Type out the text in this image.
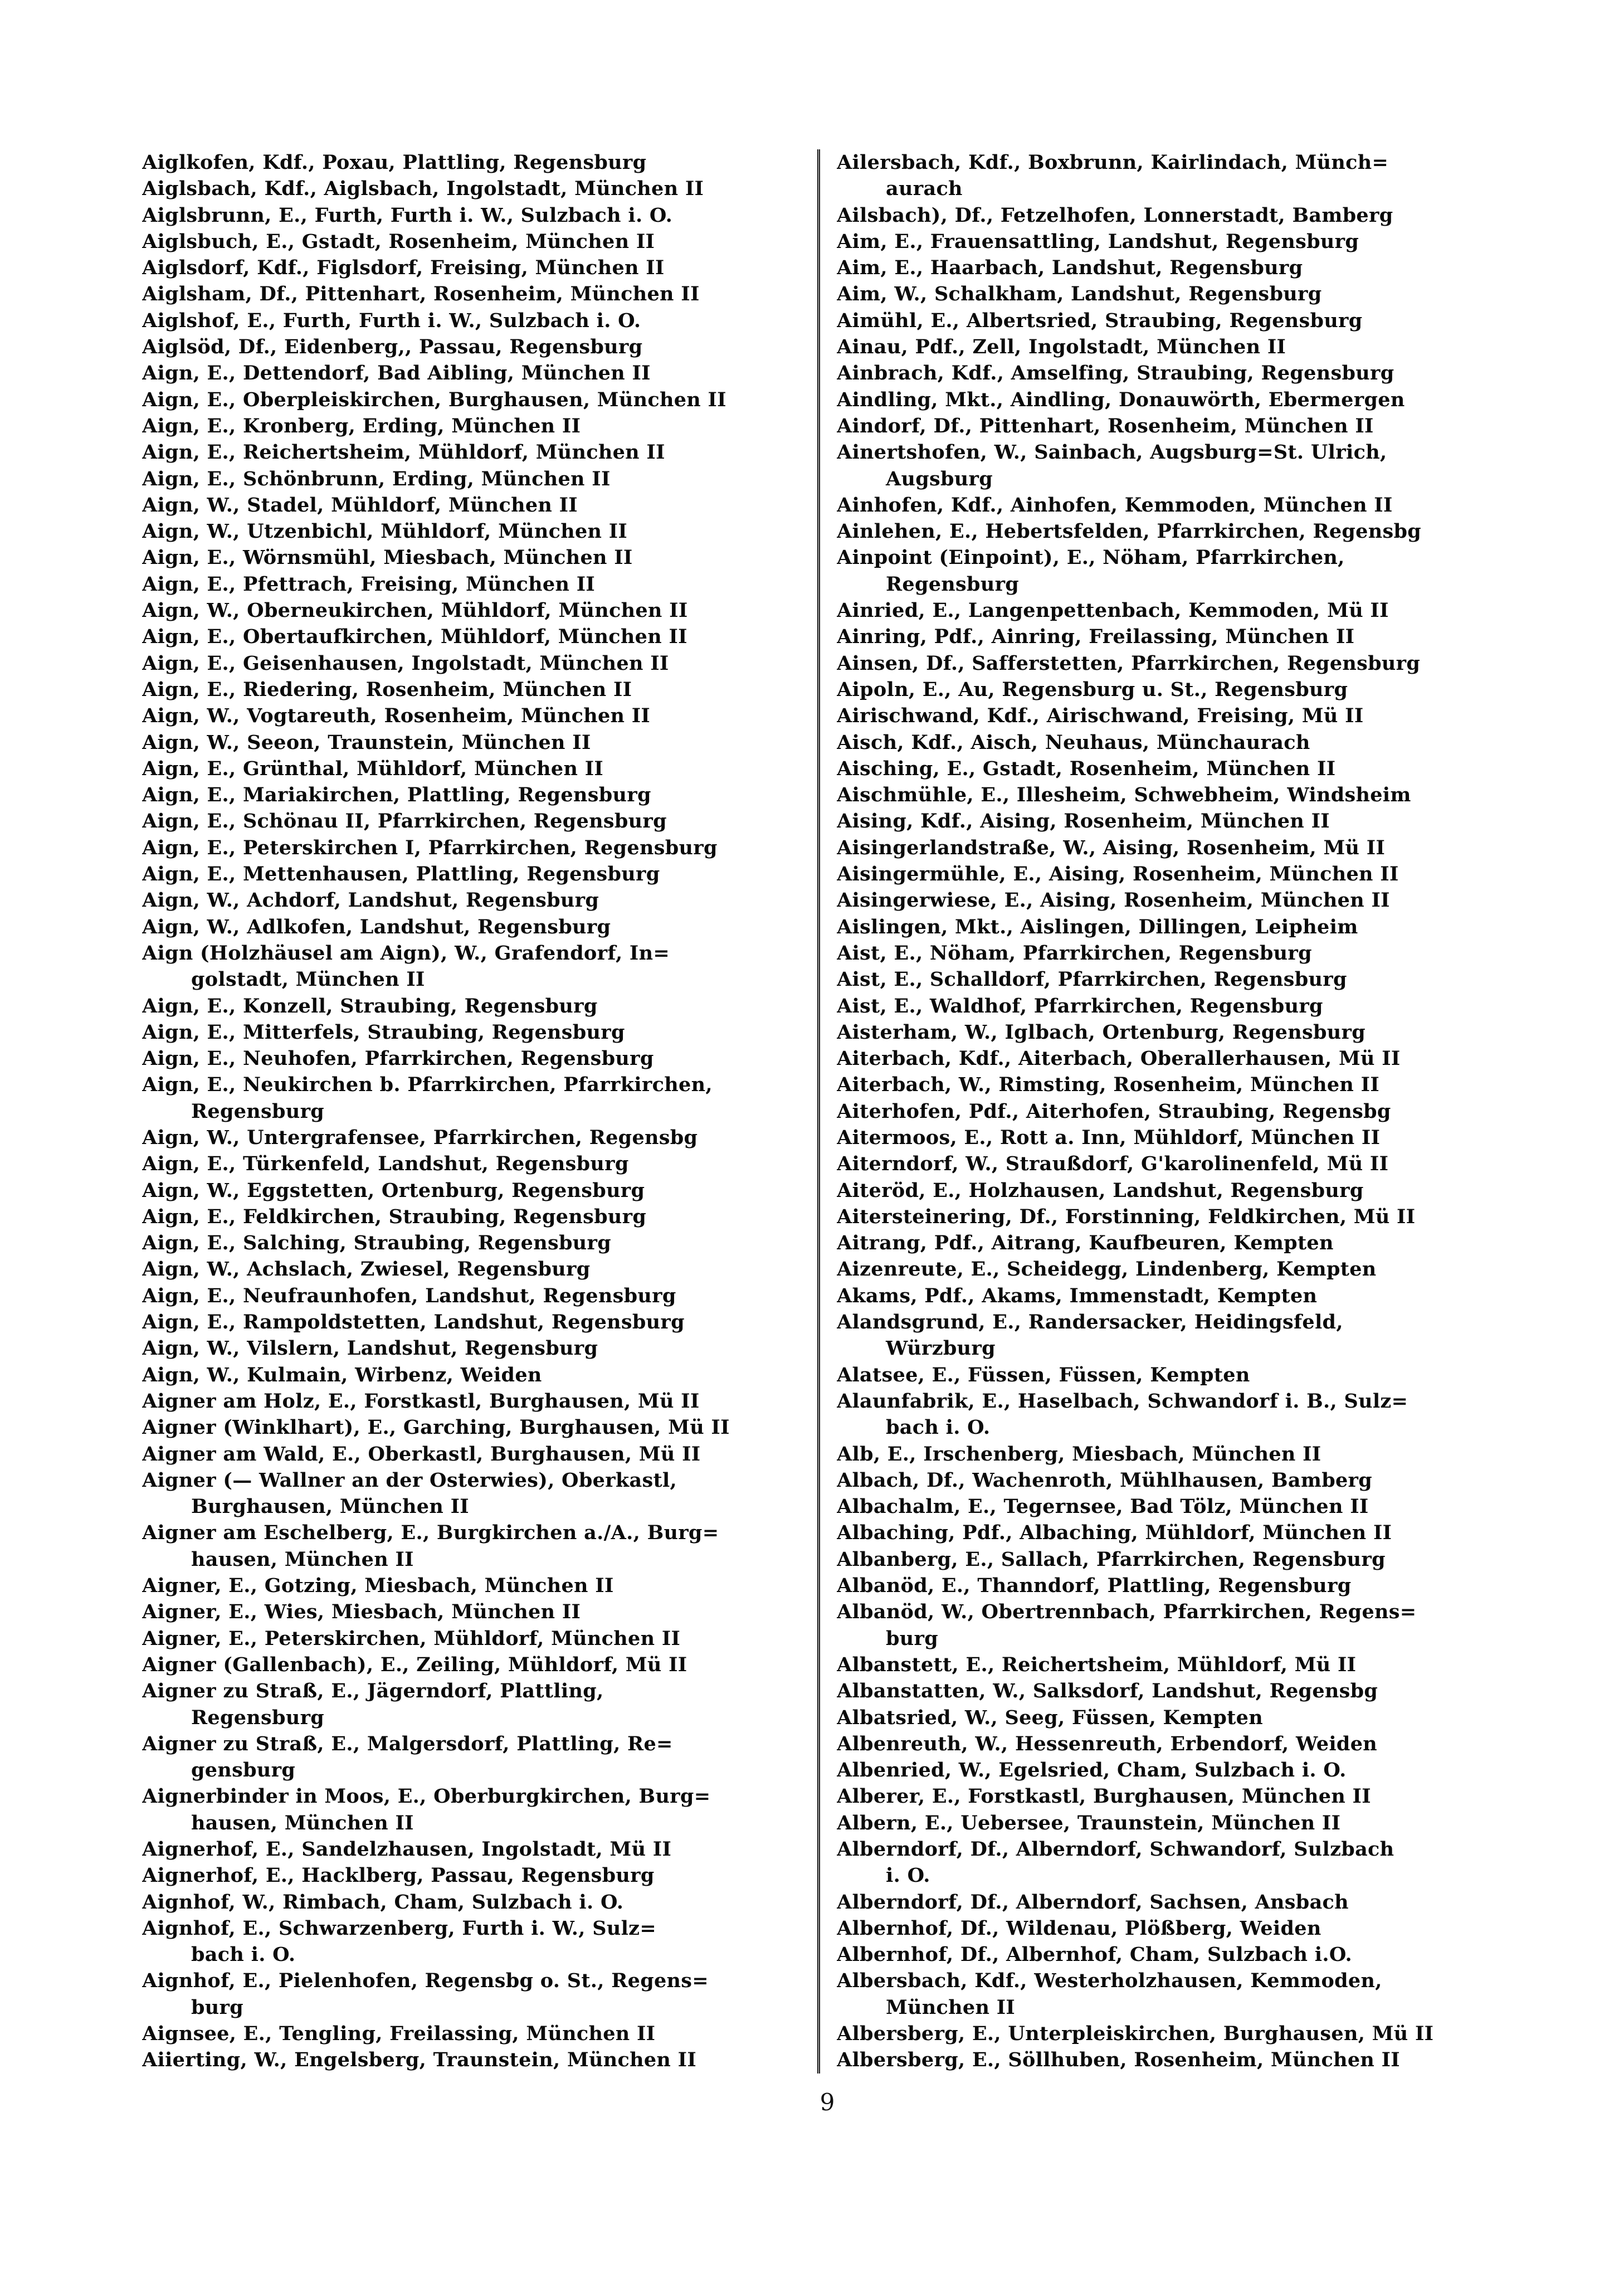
Aiglkofen, Kdf., Poxau, Plattling, Regensburg
Aiglsbach, Kdf., Aiglsbach, Ingolstadt, München II
Aiglsbrunn, E., Furth, Furth i. W., Sulzbach i. O.
Aiglsbuch, E., Gstadt, Rosenheim, München II
Aiglsdorf, Kdf., Figlsdorf, Freising, München II
Aiglsham, Df., Pittenhart, Rosenheim, München II
Aiglshof, E., Furth, Furth i. W., Sulzbach i. O.
Aiglsöd, Df., Eidenberg,, Passau, Regensburg
Aign, E., Dettendorf, Bad Aibling, München II
Aign, E., Oberpleiskirchen, Burghausen, München II
Aign, E., Kronberg, Erding, München II
Aign, E., Reichertsheim, Mühldorf, München II
Aign, E., Schönbrunn, Erding, München II
Aign, W., Stadel, Mühldorf, München II
Aign, W., Utzenbichl, Mühldorf, München II
Aign, E., Wörnsmühl, Miesbach, München II
Aign, E., Pfettrach, Freising, München II
Aign, W., Oberneukirchen, Mühldorf, München II
Aign, E., Obertaufkirchen, Mühldorf, München II
Aign, E., Geisenhausen, Ingolstadt, München II
Aign, E., Riedering, Rosenheim, München II
Aign, W., Vogtareuth, Rosenheim, München II
Aign, W., Seeon, Traunstein, München II
Aign, E., Grünthal, Mühldorf, München II
Aign, E., Mariakirchen, Plattling, Regensburg
Aign, E., Schönau II, Pfarrkirchen, Regensburg
Aign, E., Peterskirchen I, Pfarrkirchen, Regensburg
Aign, E., Mettenhausen, Plattling, Regensburg
Aign, W., Achdorf, Landshut, Regensburg
Aign, W., Adlkofen, Landshut, Regensburg
Aign (Holzhäusel am Aign), W., Grafendorf, In=
golstadt, München II
Aign, E., Konzell, Straubing, Regensburg
Aign, E., Mitterfels, Straubing, Regensburg
Aign, E., Neuhofen, Pfarrkirchen, Regensburg
Aign, E., Neukirchen b. Pfarrkirchen, Pfarrkirchen,
Regensburg
Aign, W., Untergrafensee, Pfarrkirchen, Regensbg
Aign, E., Türkenfeld, Landshut, Regensburg
Aign, W., Eggstetten, Ortenburg, Regensburg
Aign, E., Feldkirchen, Straubing, Regensburg
Aign, E., Salching, Straubing, Regensburg
Aign, W., Achslach, Zwiesel, Regensburg
Aign, E., Neufraunhofen, Landshut, Regensburg
Aign, E., Rampoldstetten, Landshut, Regensburg
Aign, W., Vilslern, Landshut, Regensburg
Aign, W., Kulmain, Wirbenz, Weiden
Aigner am Holz, E., Forstkastl, Burghausen, Mü II
Aigner (Winklhart), E., Garching, Burghausen, Mü II
Aigner am Wald, E., Oberkastl, Burghausen, Mü II
Aigner (— Wallner an der Osterwies), Oberkastl,
Burghausen, München II
Aigner am Eschelberg, E., Burgkirchen a./A., Burg=
hausen, München II
Aigner, E., Gotzing, Miesbach, München II
Aigner, E., Wies, Miesbach, München II
Aigner, E., Peterskirchen, Mühldorf, München II
Aigner (Gallenbach), E., Zeiling, Mühldorf, Mü II
Aigner zu Straß, E., Jägerndorf, Plattling,
Regensburg
Aigner zu Straß, E., Malgersdorf, Plattling, Re=
gensburg
Aignerbinder in Moos, E., Oberburgkirchen, Burg=
hausen, München II
Aignerhof, E., Sandelzhausen, Ingolstadt, Mü II
Aignerhof, E., Hacklberg, Passau, Regensburg
Aignhof, W., Rimbach, Cham, Sulzbach i. O.
Aignhof, E., Schwarzenberg, Furth i. W., Sulz=
bach i. O.
Aignhof, E., Pielenhofen, Regensbg o. St., Regens=
burg
Aignsee, E., Tengling, Freilassing, München II
Aiierting, W., Engelsberg, Traunstein, München II
Ailersbach, Kdf., Boxbrunn, Kairlindach, Münch=
aurach
Ailsbach), Df., Fetzelhofen, Lonnerstadt, Bamberg
Aim, E., Frauensattling, Landshut, Regensburg
Aim, E., Haarbach, Landshut, Regensburg
Aim, W., Schalkham, Landshut, Regensburg
Aimühl, E., Albertsried, Straubing, Regensburg
Ainau, Pdf., Zell, Ingolstadt, München II
Ainbrach, Kdf., Amselfing, Straubing, Regensburg
Aindling, Mkt., Aindling, Donauwörth, Ebermergen
Aindorf, Df., Pittenhart, Rosenheim, München II
Ainertshofen, W., Sainbach, Augsburg=St. Ulrich,
Augsburg
Ainhofen, Kdf., Ainhofen, Kemmoden, München II
Ainlehen, E., Hebertsfelden, Pfarrkirchen, Regensbg
Ainpoint (Einpoint), E., Nöham, Pfarrkirchen,
Regensburg
Ainried, E., Langenpettenbach, Kemmoden, Mü II
Ainring, Pdf., Ainring, Freilassing, München II
Ainsen, Df., Safferstetten, Pfarrkirchen, Regensburg
Aipoln, E., Au, Regensburg u. St., Regensburg
Airischwand, Kdf., Airischwand, Freising, Mü II
Aisch, Kdf., Aisch, Neuhaus, Münchaurach
Aisching, E., Gstadt, Rosenheim, München II
Aischmühle, E., Illesheim, Schwebheim, Windsheim
Aising, Kdf., Aising, Rosenheim, München II
Aisingerlandstraße, W., Aising, Rosenheim, Mü II
Aisingermühle, E., Aising, Rosenheim, München II
Aisingerwiese, E., Aising, Rosenheim, München II
Aislingen, Mkt., Aislingen, Dillingen, Leipheim
Aist, E., Nöham, Pfarrkirchen, Regensburg
Aist, E., Schalldorf, Pfarrkirchen, Regensburg
Aist, E., Waldhof, Pfarrkirchen, Regensburg
Aisterham, W., Iglbach, Ortenburg, Regensburg
Aiterbach, Kdf., Aiterbach, Oberallerhausen, Mü II
Aiterbach, W., Rimsting, Rosenheim, München II
Aiterhofen, Pdf., Aiterhofen, Straubing, Regensbg
Aitermoos, E., Rott a. Inn, Mühldorf, München II
Aiterndorf, W., Straußdorf, G'karolinenfeld, Mü II
Aiteröd, E., Holzhausen, Landshut, Regensburg
Aitersteinering, Df., Forstinning, Feldkirchen, Mü II
Aitrang, Pdf., Aitrang, Kaufbeuren, Kempten
Aizenreute, E., Scheidegg, Lindenberg, Kempten
Akams, Pdf., Akams, Immenstadt, Kempten
Alandsgrund, E., Randersacker, Heidingsfeld,
Würzburg
Alatsee, E., Füssen, Füssen, Kempten
Alaunfabrik, E., Haselbach, Schwandorf i. B., Sulz=
bach i. O.
Alb, E., Irschenberg, Miesbach, München II
Albach, Df., Wachenroth, Mühlhausen, Bamberg
Albachalm, E., Tegernsee, Bad Tölz, München II
Albaching, Pdf., Albaching, Mühldorf, München II
Albanberg, E., Sallach, Pfarrkirchen, Regensburg
Albanöd, E., Thanndorf, Plattling, Regensburg
Albanöd, W., Obertrennbach, Pfarrkirchen, Regens=
burg
Albanstett, E., Reichertsheim, Mühldorf, Mü II
Albanstatten, W., Salksdorf, Landshut, Regensbg
Albatsried, W., Seeg, Füssen, Kempten
Albenreuth, W., Hessenreuth, Erbendorf, Weiden
Albenried, W., Egelsried, Cham, Sulzbach i. O.
Alberer, E., Forstkastl, Burghausen, München II
Albern, E., Uebersee, Traunstein, München II
Alberndorf, Df., Alberndorf, Schwandorf, Sulzbach
i. O.
Alberndorf, Df., Alberndorf, Sachsen, Ansbach
Albernhof, Df., Wildenau, Plößberg, Weiden
Albernhof, Df., Albernhof, Cham, Sulzbach i.O.
Albersbach, Kdf., Westerholzhausen, Kemmoden,
München II
Albersberg, E., Unterpleiskirchen, Burghausen, Mü II
Albersberg, E., Söllhuben, Rosenheim, München II
9
